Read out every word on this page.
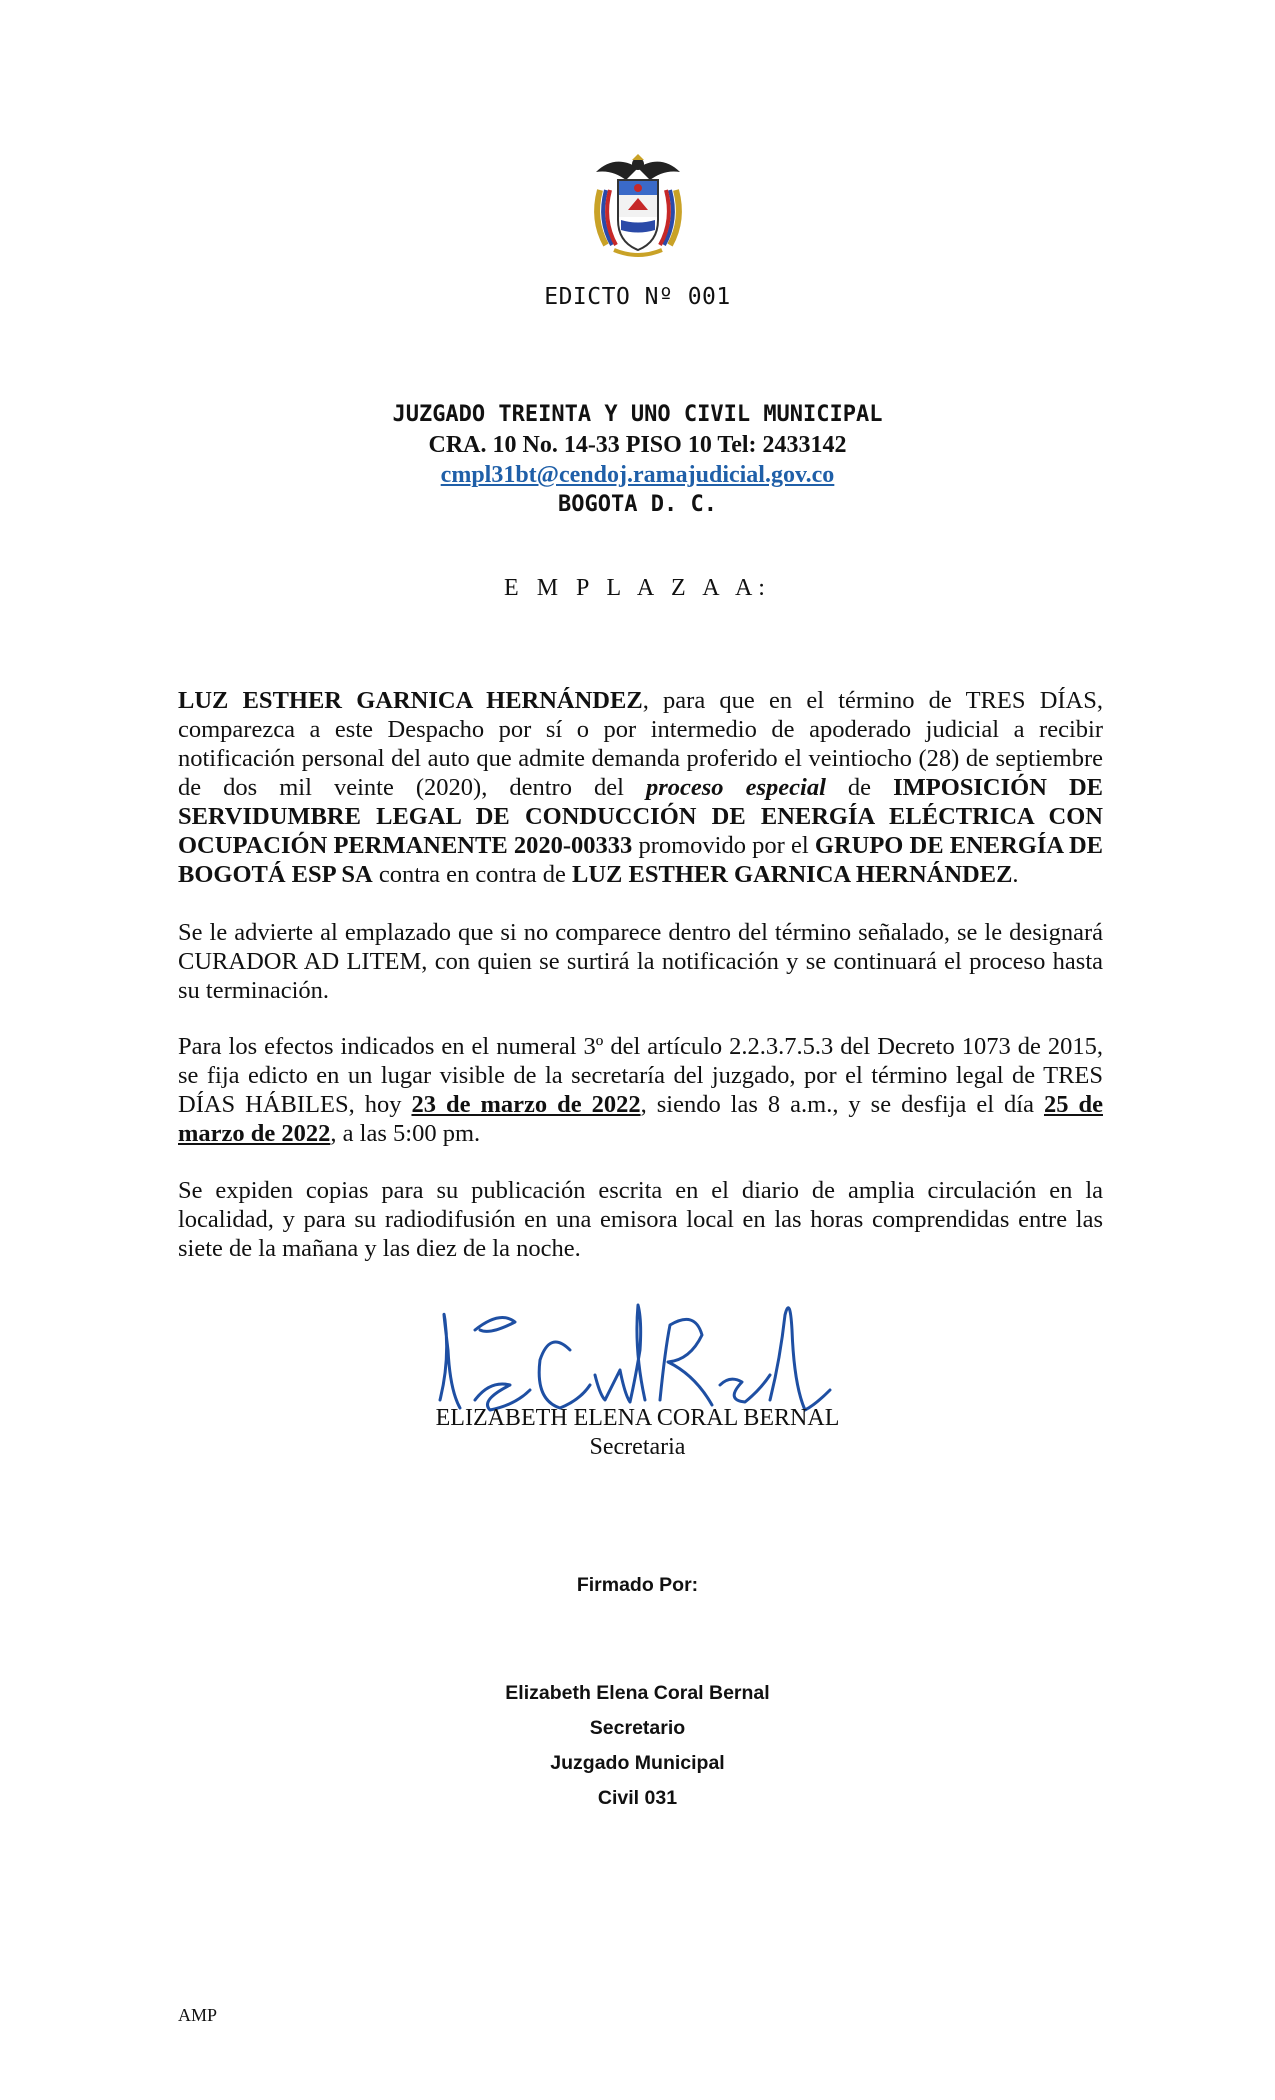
EDICTO Nº 001
JUZGADO TREINTA Y UNO CIVIL MUNICIPAL
CRA. 10 No. 14-33 PISO 10 Tel: 2433142
cmpl31bt@cendoj.ramajudicial.gov.co
BOGOTA D. C.
E M P L A Z A A:

LUZ ESTHER GARNICA HERNÁNDEZ, para que en el término de TRES DÍAS, comparezca a este Despacho por sí o por intermedio de apoderado judicial a recibir notificación personal del auto que admite demanda proferido el veintiocho (28) de septiembre de dos mil veinte (2020), dentro del proceso especial de IMPOSICIÓN DE SERVIDUMBRE LEGAL DE CONDUCCIÓN DE ENERGÍA ELÉCTRICA CON OCUPACIÓN PERMANENTE 2020-00333 promovido por el GRUPO DE ENERGÍA DE BOGOTÁ ESP SA contra en contra de LUZ ESTHER GARNICA HERNÁNDEZ.

Se le advierte al emplazado que si no comparece dentro del término señalado, se le designará CURADOR AD LITEM, con quien se surtirá la notificación y se continuará el proceso hasta su terminación.

Para los efectos indicados en el numeral 3º del artículo 2.2.3.7.5.3 del Decreto 1073 de 2015, se fija edicto en un lugar visible de la secretaría del juzgado, por el término legal de TRES DÍAS HÁBILES, hoy 23 de marzo de 2022, siendo las 8 a.m., y se desfija el día 25 de marzo de 2022, a las 5:00 pm.

Se expiden copias para su publicación escrita en el diario de amplia circulación en la localidad, y para su radiodifusión en una emisora local en las horas comprendidas entre las siete de la mañana y las diez de la noche.

ELIZABETH ELENA CORAL BERNAL
Secretaria
Firmado Por:
Elizabeth Elena Coral Bernal
Secretario
Juzgado Municipal
Civil 031
AMP
